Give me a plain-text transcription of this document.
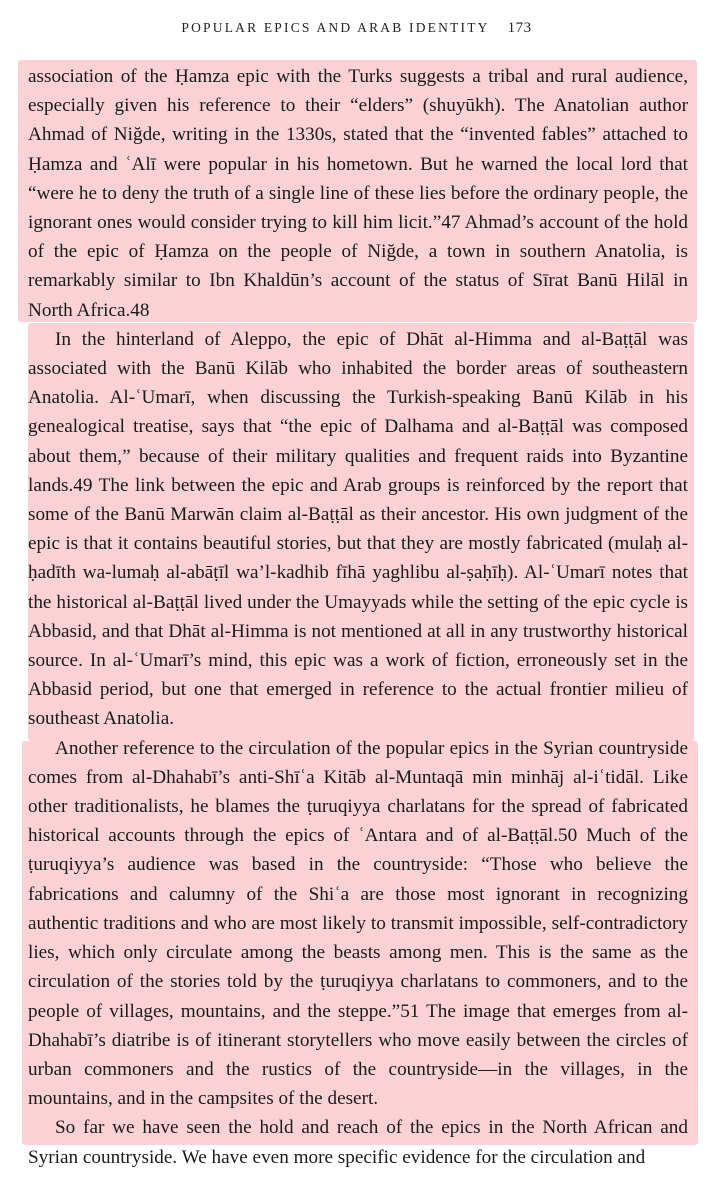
POPULAR EPICS AND ARAB IDENTITY 173

association of the Ḥamza epic with the Turks suggests a tribal and rural audience, especially given his reference to their “elders” (shuyūkh). The Anatolian author Ahmad of Niğde, writing in the 1330s, stated that the “invented fables” attached to Ḥamza and ʿAlī were popular in his hometown. But he warned the local lord that “were he to deny the truth of a single line of these lies before the ordinary people, the ignorant ones would consider trying to kill him licit.”47 Ahmad’s account of the hold of the epic of Ḥamza on the people of Niğde, a town in southern Anatolia, is remarkably similar to Ibn Khaldūn’s account of the status of Sīrat Banū Hilāl in North Africa.48

In the hinterland of Aleppo, the epic of Dhāt al-Himma and al-Baṭṭāl was associated with the Banū Kilāb who inhabited the border areas of southeastern Anatolia. Al-ʿUmarī, when discussing the Turkish-speaking Banū Kilāb in his genealogical treatise, says that “the epic of Dalhama and al-Baṭṭāl was composed about them,” because of their military qualities and frequent raids into Byzantine lands.49 The link between the epic and Arab groups is reinforced by the report that some of the Banū Marwān claim al-Baṭṭāl as their ancestor. His own judgment of the epic is that it contains beautiful stories, but that they are mostly fabricated (mulaḥ al-ḥadīth wa-lumaḥ al-abāṭīl wa’l-kadhib fīhā yaghlibu al-ṣaḥīḥ). Al-ʿUmarī notes that the historical al-Baṭṭāl lived under the Umayyads while the setting of the epic cycle is Abbasid, and that Dhāt al-Himma is not mentioned at all in any trustworthy historical source. In al-ʿUmarī’s mind, this epic was a work of fiction, erroneously set in the Abbasid period, but one that emerged in reference to the actual frontier milieu of southeast Anatolia.

Another reference to the circulation of the popular epics in the Syrian countryside comes from al-Dhahabī’s anti-Shīʿa Kitāb al-Muntaqā min minhāj al-iʿtidāl. Like other traditionalists, he blames the ṭuruqiyya charlatans for the spread of fabricated historical accounts through the epics of ʿAntara and of al-Baṭṭāl.50 Much of the ṭuruqiyya’s audience was based in the countryside: “Those who believe the fabrications and calumny of the Shiʿa are those most ignorant in recognizing authentic traditions and who are most likely to transmit impossible, self-contradictory lies, which only circulate among the beasts among men. This is the same as the circulation of the stories told by the ṭuruqiyya charlatans to commoners, and to the people of villages, mountains, and the steppe.”51 The image that emerges from al-Dhahabī’s diatribe is of itinerant storytellers who move easily between the circles of urban commoners and the rustics of the countryside—in the villages, in the mountains, and in the campsites of the desert.

So far we have seen the hold and reach of the epics in the North African and Syrian countryside. We have even more specific evidence for the circulation and
